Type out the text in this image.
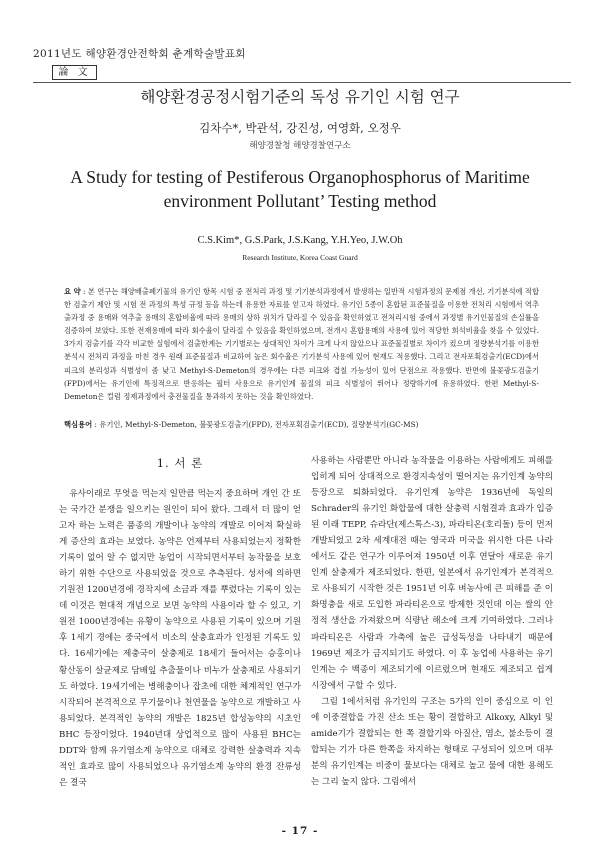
2011년도 해양환경안전학회 춘계학술발표회
論 文
해양환경공정시험기준의 독성 유기인 시험 연구
김차수*, 박관석, 강진성, 여영화, 오정우
해양경찰청 해양경찰연구소
A Study for testing of Pestiferous Organophosphorus of Maritime environment Pollutant’ Testing method
C.S.Kim*, G.S.Park, J.S.Kang, Y.H.Yeo, J.W.Oh
Research Institute, Korea Coast Guard
요 약 : 본 연구는 해양배출폐기물의 유기인 항목 시험 중 전처리 과정 및 기기분석과정에서 발생하는 일반적 시험과정의 문제점 개선, 기기분석에 적합한 검출기 제안 및 시험 전 과정의 특성 규정 등을 하는데 유용한 자료를 얻고자 하였다. 유기인 5종이 혼합된 표준물질을 이용한 전처리 시험에서 역추출과정 중 용매와 역추출 용매의 혼합비율에 따라 용매의 상하 위치가 달라질 수 있음을 확인하였고 전처리시험 중에서 과정별 유기인물질의 손실률을 검증하여 보았다. 또한 전재용매에 따라 회수율이 달라질 수 있음을 확인하였으며, 전개시 혼합용매의 사용에 있어 적당한 희석비율을 찾을 수 있었다. 3가지 검출기를 각각 비교한 실험에서 검출한계는 기기별로는 상대적인 차이가 크게 나지 않았으나 표준물질별로 차이가 컸으며 정량분석기를 이용한 분석시 전처리 과정을 마친 경우 원래 표준물질과 비교하여 높은 회수율은 기기분석 사용에 있어 현재도 적용했다. 그리고 전자포획검출기(ECD)에서 피크의 분리성과 식별성이 좀 낮고 Methyl-S-Demeton의 경우에는 다른 피크와 겹칠 가능성이 있어 단점으로 작용했다. 반면에 불꽃광도검출기(FPD)에서는 유기인에 특징적으로 반응하는 필터 사용으로 유기인계 물질의 피크 식별성이 뛰어나 정량하기에 유용하였다. 한편 Methyl-S-Demeton은 컬럼 정제과정에서 충전물질을 통과하지 못하는 것을 확인하였다.
핵심용어 : 유기인, Methyl-S-Demeton, 불꽃광도검출기(FPD), 전자포획검출기(ECD), 질량분석기(GC-MS)

1. 서 론

유사이래로 무엇을 먹는지 일만큼 먹는지 중요하며 개인 간 또는 국가간 분쟁을 일으키는 원인이 되어 왔다. 그래서 더 많이 얻고자 하는 노력은 품종의 개발이나 농약의 개발로 이어져 확실하게 증산의 효과는 보였다. 농약은 언제부터 사용되었는지 정확한 기록이 없어 알 수 없지만 농업이 시작되면서부터 농작물을 보호하기 위한 수단으로 사용되었을 것으로 추측된다. 성서에 의하면 기원전 1200년경에 경작지에 소금과 재를 뿌렸다는 기록이 있는데 이것은 현대적 개념으로 보면 농약의 사용이라 할 수 있고, 기원전 1000년경에는 유황이 농약으로 사용된 기록이 있으며 기원후 1세기 경에는 중국에서 비소의 살충효과가 인정된 기록도 있다. 16세기에는 제충국이 살충제로 18세기 들어서는 승홍이나 황산동이 살균제로 담배잎 추출물이나 비누가 살충제로 사용되기도 하였다. 19세기에는 병해충이나 잡초에 대한 체계적인 연구가 시작되어 본격적으로 무기물이나 천연물을 농약으로 개발하고 사용되었다. 본격적인 농약의 개발은 1825년 합성농약의 시초인 BHC 등장이었다. 1940년대 상업적으로 많이 사용된 BHC는 DDT와 함께 유기염소계 농약으로 대체로 강력한 살충력과 지속적인 효과로 많이 사용되었으나 유기염소계 농약의 환경 잔류성은 결국

사용하는 사람뿐만 아니라 농작물을 이용하는 사람에게도 피해를 입히게 되어 상대적으로 환경지속성이 떨어지는 유기인계 농약의 등장으로 퇴화되었다. 유기인계 농약은 1936년에 독일의 Schrader의 유기인 화합물에 대한 살충력 시험결과 효과가 입증된 이래 TEPP, 슈라단(제스톡스-3), 파라티온(호리돌) 등이 먼저 개발되었고 2차 세계대전 때는 영국과 미국을 위시한 다른 나라에서도 같은 연구가 이루어져 1950년 이후 연달아 새로운 유기인계 살충제가 제조되었다. 한편, 일본에서 유기인계가 본격적으로 사용되기 시작한 것은 1951년 이후 벼농사에 큰 피해를 준 이화명충을 새로 도입한 파라티온으로 방제한 것인데 이는 쌀의 안정적 생산을 가져왔으며 식량난 해소에 크게 기여하였다. 그러나 파라티온은 사람과 가축에 높은 급성독성을 나타내기 때문에 1969년 제조가 금지되기도 하였다. 이 후 농업에 사용하는 유기인계는 수 백종이 제조되기에 이르렀으며 현재도 제조되고 쉽게 시장에서 구할 수 있다.

그림 1에서처럼 유기인의 구조는 5가의 인이 중심으로 이 인에 이중결합을 가진 산소 또는 황이 결합하고 Alkoxy, Alkyl 및 amide기가 결합되는 한 쪽 결합기와 아질산, 염소, 불소등이 결합되는 기가 다른 한쪽을 차지하는 형태로 구성되어 있으며 대부분의 유기인계는 비중이 물보다는 대체로 높고 물에 대한 용해도는 그리 높지 않다. 그림에서

- 17 -
